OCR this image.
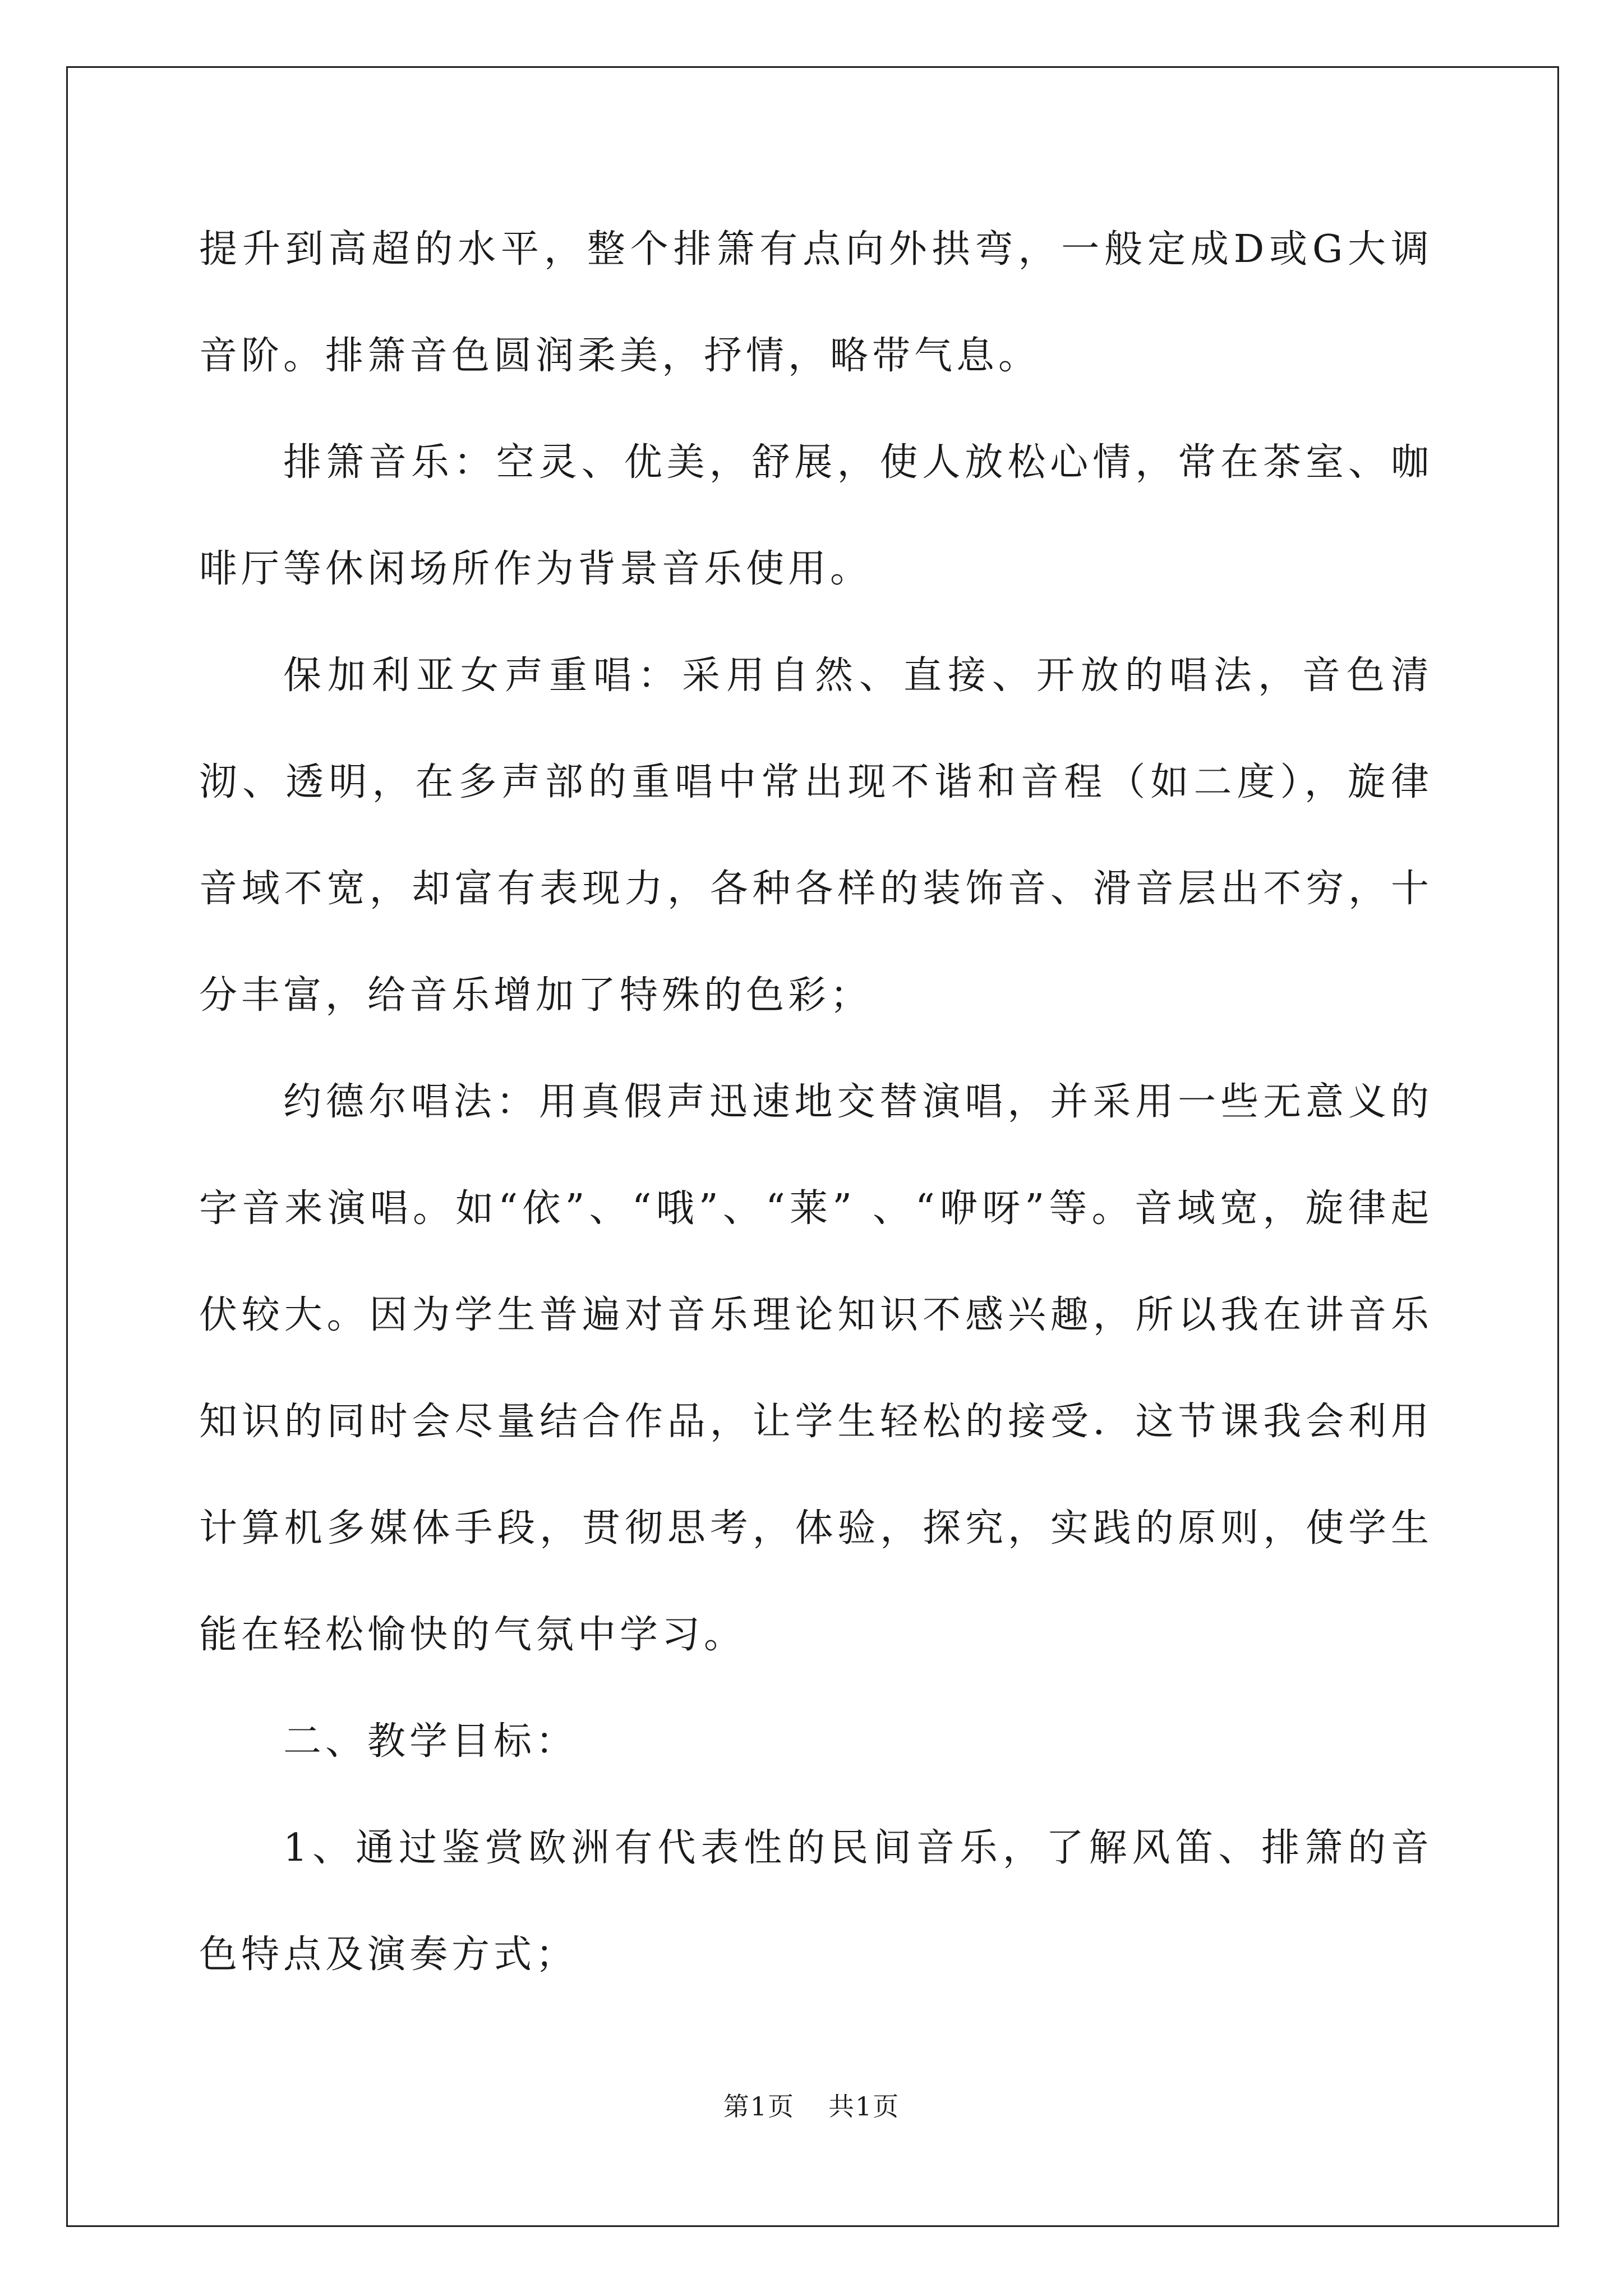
提升到高超的水平，整个排箫有点向外拱弯，一般定成D或G大调音阶。排箫音色圆润柔美，抒情，略带气息。

排箫音乐：空灵、优美，舒展，使人放松心情，常在茶室、咖啡厅等休闲场所作为背景音乐使用。

保加利亚女声重唱：采用自然、直接、开放的唱法，音色清沏、透明，在多声部的重唱中常出现不谐和音程（如二度），旋律音域不宽，却富有表现力，各种各样的装饰音、滑音层出不穷，十分丰富，给音乐增加了特殊的色彩；

约德尔唱法：用真假声迅速地交替演唱，并采用一些无意义的字音来演唱。如“依”、“哦”、“莱” 、“咿呀”等。音域宽，旋律起伏较大。因为学生普遍对音乐理论知识不感兴趣，所以我在讲音乐知识的同时会尽量结合作品，让学生轻松的接受．这节课我会利用计算机多媒体手段，贯彻思考，体验，探究，实践的原则，使学生能在轻松愉快的气氛中学习。

二、教学目标：

1、通过鉴赏欧洲有代表性的民间音乐，了解风笛、排箫的音色特点及演奏方式；

第1页 共1页
